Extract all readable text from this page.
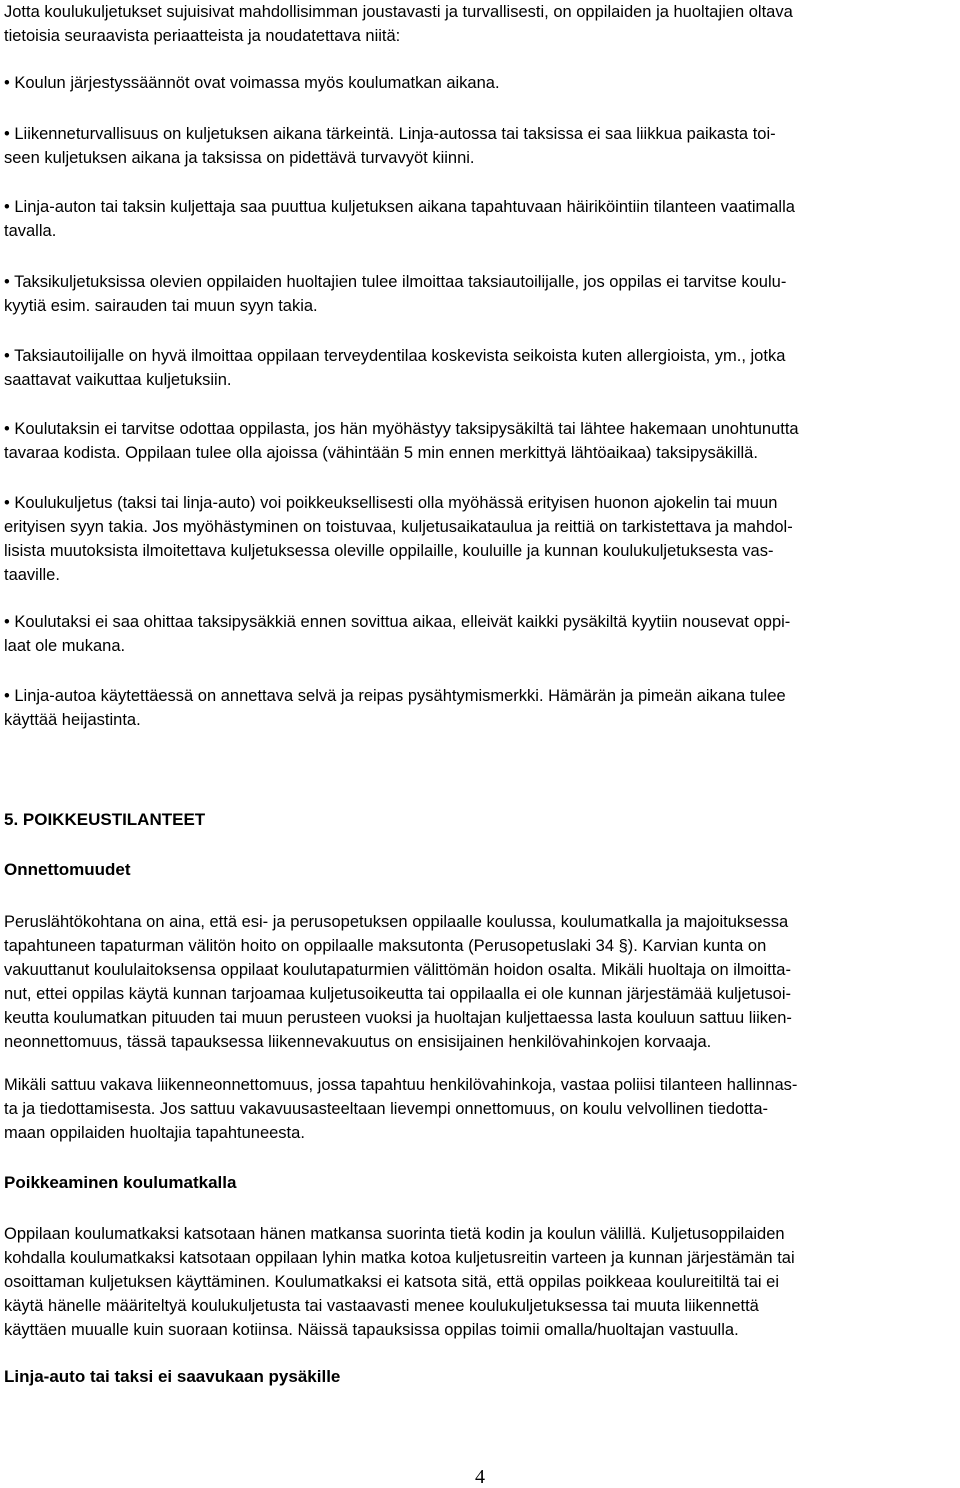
Jotta koulukuljetukset sujuisivat mahdollisimman joustavasti ja turvallisesti, on oppilaiden ja huoltajien oltava
tietoisia seuraavista periaatteista ja noudatettava niitä:

• Koulun järjestyssäännöt ovat voimassa myös koulumatkan aikana.

• Liikenneturvallisuus on kuljetuksen aikana tärkeintä. Linja-autossa tai taksissa ei saa liikkua paikasta toi-
seen kuljetuksen aikana ja taksissa on pidettävä turvavyöt kiinni.

• Linja-auton tai taksin kuljettaja saa puuttua kuljetuksen aikana tapahtuvaan häiriköintiin tilanteen vaatimalla
tavalla.

• Taksikuljetuksissa olevien oppilaiden huoltajien tulee ilmoittaa taksiautoilijalle, jos oppilas ei tarvitse koulu-
kyytiä esim. sairauden tai muun syyn takia.

• Taksiautoilijalle on hyvä ilmoittaa oppilaan terveydentilaa koskevista seikoista kuten allergioista, ym., jotka
saattavat vaikuttaa kuljetuksiin.

• Koulutaksin ei tarvitse odottaa oppilasta, jos hän myöhästyy taksipysäkiltä tai lähtee hakemaan unohtunutta
tavaraa kodista. Oppilaan tulee olla ajoissa (vähintään 5 min ennen merkittyä lähtöaikaa) taksipysäkillä.

• Koulukuljetus (taksi tai linja-auto) voi poikkeuksellisesti olla myöhässä erityisen huonon ajokelin tai muun
erityisen syyn takia. Jos myöhästyminen on toistuvaa, kuljetusaikataulua ja reittiä on tarkistettava ja mahdol-
lisista muutoksista ilmoitettava kuljetuksessa oleville oppilaille, kouluille ja kunnan koulukuljetuksesta vas-
taaville.

• Koulutaksi ei saa ohittaa taksipysäkkiä ennen sovittua aikaa, elleivät kaikki pysäkiltä kyytiin nousevat oppi-
laat ole mukana.

• Linja-autoa käytettäessä on annettava selvä ja reipas pysähtymismerkki. Hämärän ja pimeän aikana tulee
käyttää heijastinta.

5. POIKKEUSTILANTEET

Onnettomuudet

Peruslähtökohtana on aina, että esi- ja perusopetuksen oppilaalle koulussa, koulumatkalla ja majoituksessa
tapahtuneen tapaturman välitön hoito on oppilaalle maksutonta (Perusopetuslaki 34 §). Karvian kunta on
vakuuttanut koululaitoksensa oppilaat koulutapaturmien välittömän hoidon osalta. Mikäli huoltaja on ilmoitta-
nut, ettei oppilas käytä kunnan tarjoamaa kuljetusoikeutta tai oppilaalla ei ole kunnan järjestämää kuljetusoi-
keutta koulumatkan pituuden tai muun perusteen vuoksi ja huoltajan kuljettaessa lasta kouluun sattuu liiken-
neonnettomuus, tässä tapauksessa liikennevakuutus on ensisijainen henkilövahinkojen korvaaja.

Mikäli sattuu vakava liikenneonnettomuus, jossa tapahtuu henkilövahinkoja, vastaa poliisi tilanteen hallinnas-
ta ja tiedottamisesta. Jos sattuu vakavuusasteeltaan lievempi onnettomuus, on koulu velvollinen tiedotta-
maan oppilaiden huoltajia tapahtuneesta.

Poikkeaminen koulumatkalla

Oppilaan koulumatkaksi katsotaan hänen matkansa suorinta tietä kodin ja koulun välillä. Kuljetusoppilaiden
kohdalla koulumatkaksi katsotaan oppilaan lyhin matka kotoa kuljetusreitin varteen ja kunnan järjestämän tai
osoittaman kuljetuksen käyttäminen. Koulumatkaksi ei katsota sitä, että oppilas poikkeaa koulureitiltä tai ei
käytä hänelle määriteltyä koulukuljetusta tai vastaavasti menee koulukuljetuksessa tai muuta liikennettä
käyttäen muualle kuin suoraan kotiinsa. Näissä tapauksissa oppilas toimii omalla/huoltajan vastuulla.

Linja-auto tai taksi ei saavukaan pysäkille

4
